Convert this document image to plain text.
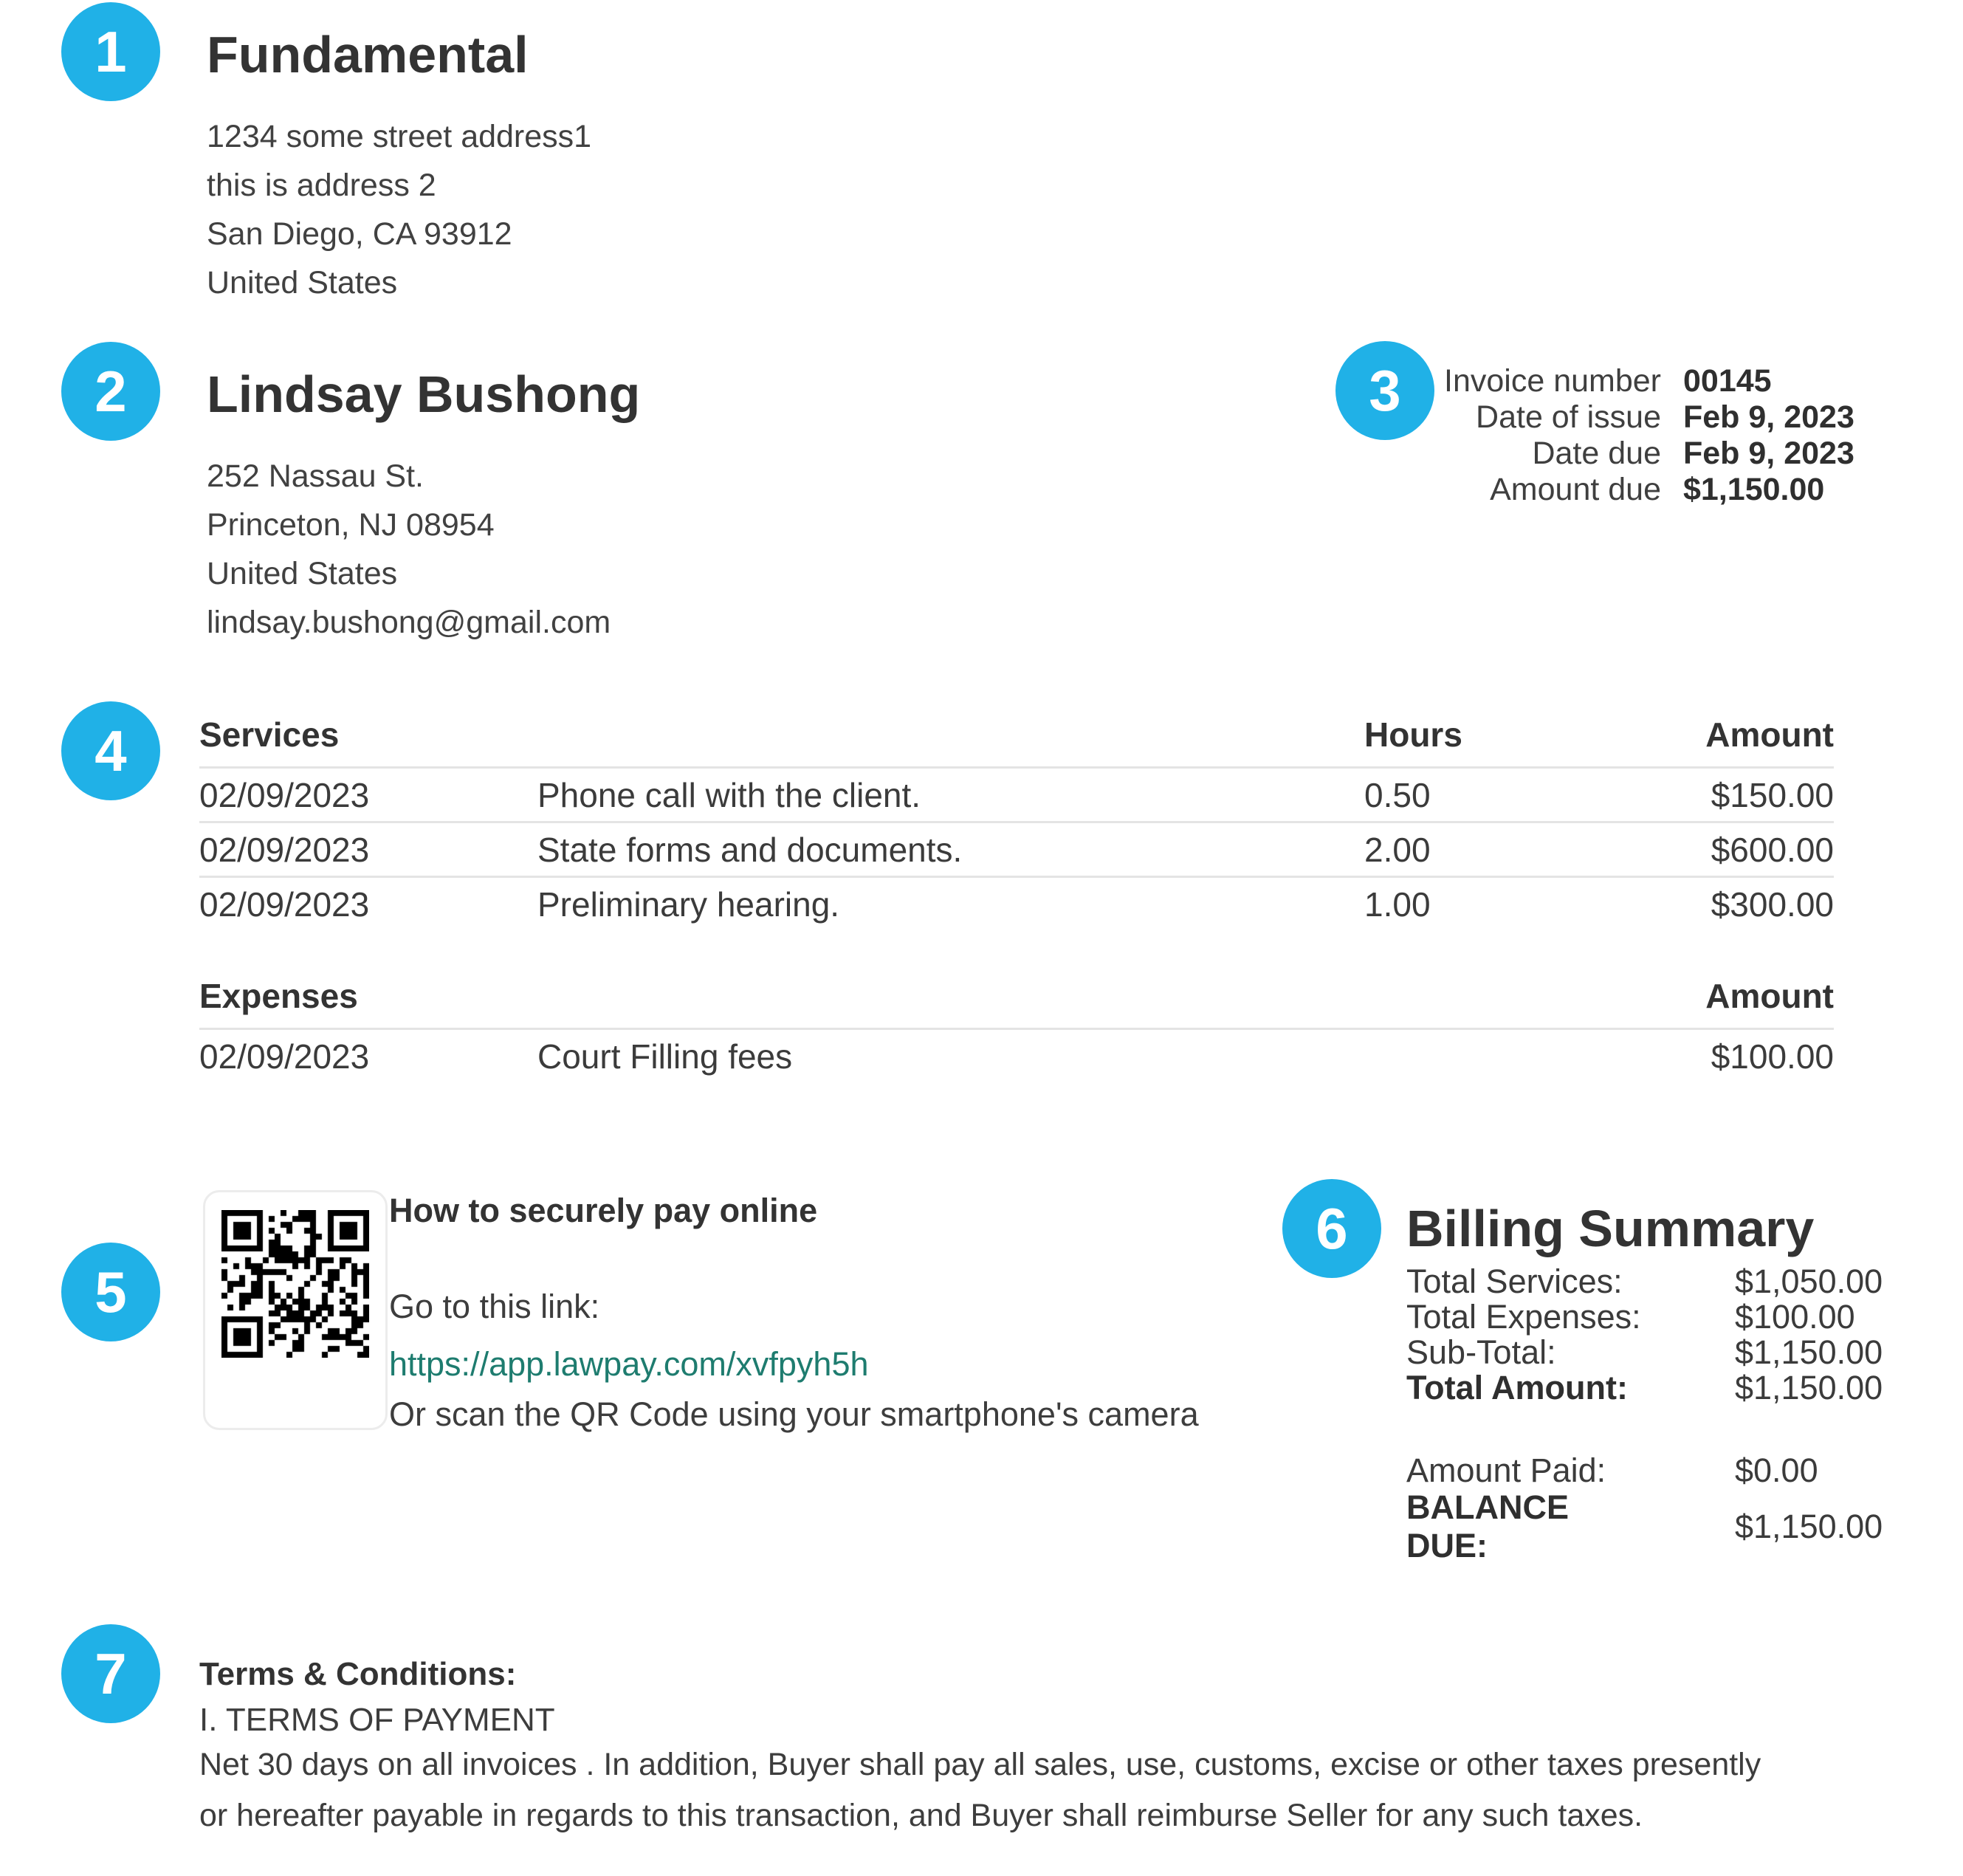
1
2	3
4
5
6
7
Fundamental
1234 some street address1
this is address 2
San Diego, CA 93912
United States
Lindsay Bushong
252 Nassau St.
Princeton, NJ 08954
United States
lindsay.bushong@gmail.com
Invoice number 00145
Date of issue Feb 9, 2023
Date due Feb 9, 2023
Amount due $1,150.00
Services	Hours	Amount
02/09/2023	Phone call with the client.	0.50	$150.00
02/09/2023	State forms and documents.	2.00	$600.00
02/09/2023	Preliminary hearing.	1.00	$300.00
Expenses	Amount
02/09/2023	Court Filling fees	$100.00
How to securely pay online
Go to this link:
https://app.lawpay.com/xvfpyh5h
Or scan the QR Code using your smartphone's camera
Billing Summary
Total Services:	$1,050.00
Total Expenses:	$100.00
Sub-Total:	$1,150.00
Total Amount:	$1,150.00
Amount Paid:	$0.00
BALANCE DUE:
$1,150.00
Terms & Conditions:
I. TERMS OF PAYMENT
Net 30 days on all invoices . In addition, Buyer shall pay all sales, use, customs, excise or other taxes presently or hereafter payable in regards to this transaction, and Buyer shall reimburse Seller for any such taxes.
